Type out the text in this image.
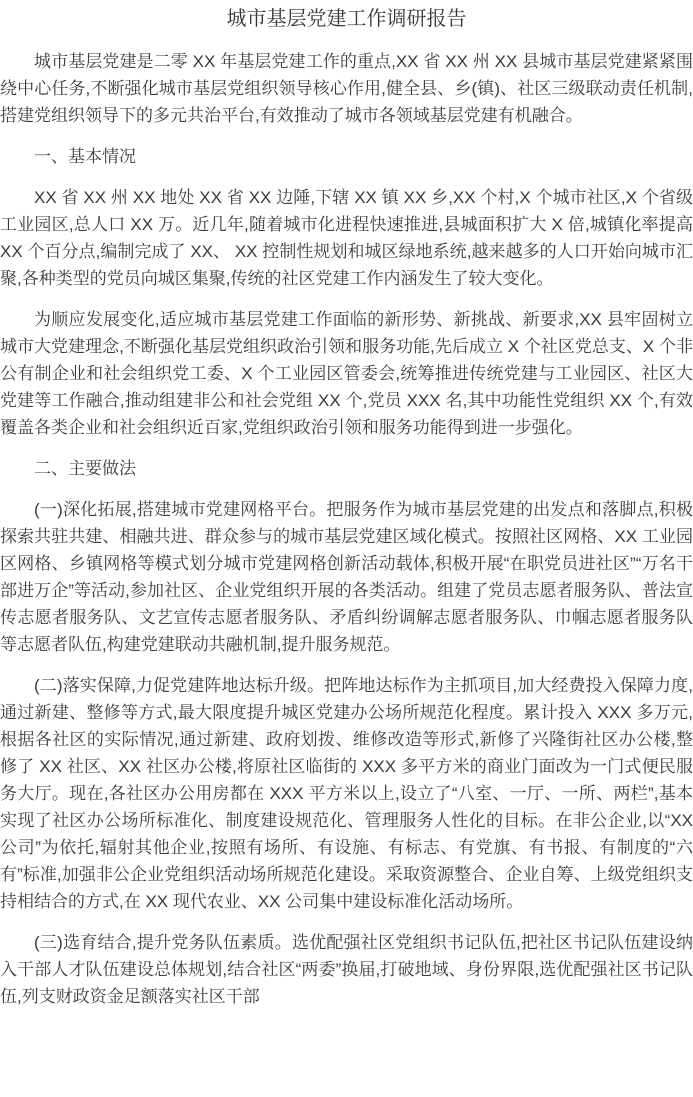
城市基层党建工作调研报告

城市基层党建是二零 XX 年基层党建工作的重点,XX 省 XX 州 XX 县城市基层党建紧紧围绕中心任务,不断强化城市基层党组织领导核心作用,健全县、乡(镇)、社区三级联动责任机制,搭建党组织领导下的多元共治平台,有效推动了城市各领域基层党建有机融合。

一、基本情况

XX 省 XX 州 XX 地处 XX 省 XX 边陲,下辖 XX 镇 XX 乡,XX 个村,X 个城市社区,X 个省级工业园区,总人口 XX 万。近几年,随着城市化进程快速推进,县城面积扩大 X 倍,城镇化率提高 XX 个百分点,编制完成了 XX、 XX 控制性规划和城区绿地系统,越来越多的人口开始向城市汇聚,各种类型的党员向城区集聚,传统的社区党建工作内涵发生了较大变化。

为顺应发展变化,适应城市基层党建工作面临的新形势、新挑战、新要求,XX 县牢固树立城市大党建理念,不断强化基层党组织政治引领和服务功能,先后成立 X 个社区党总支、X 个非公有制企业和社会组织党工委、X 个工业园区管委会,统筹推进传统党建与工业园区、社区大党建等工作融合,推动组建非公和社会党组 XX 个,党员 XXX 名,其中功能性党组织 XX 个,有效覆盖各类企业和社会组织近百家,党组织政治引领和服务功能得到进一步强化。

二、主要做法

(一)深化拓展,搭建城市党建网格平台。把服务作为城市基层党建的出发点和落脚点,积极探索共驻共建、相融共进、群众参与的城市基层党建区域化模式。按照社区网格、XX 工业园区网格、乡镇网格等模式划分城市党建网格创新活动载体,积极开展“在职党员进社区”“万名干部进万企”等活动,参加社区、企业党组织开展的各类活动。组建了党员志愿者服务队、普法宣传志愿者服务队、文艺宣传志愿者服务队、矛盾纠纷调解志愿者服务队、巾帼志愿者服务队等志愿者队伍,构建党建联动共融机制,提升服务规范。

(二)落实保障,力促党建阵地达标升级。把阵地达标作为主抓项目,加大经费投入保障力度,通过新建、整修等方式,最大限度提升城区党建办公场所规范化程度。累计投入 XXX 多万元,根据各社区的实际情况,通过新建、政府划拨、维修改造等形式,新修了兴隆街社区办公楼,整修了 XX 社区、XX 社区办公楼,将原社区临街的 XXX 多平方米的商业门面改为一门式便民服务大厅。现在,各社区办公用房都在 XXX 平方米以上,设立了“八室、一厅、一所、两栏”,基本实现了社区办公场所标准化、制度建设规范化、管理服务人性化的目标。在非公企业,以“XX 公司”为依托,辐射其他企业,按照有场所、有设施、有标志、有党旗、有书报、有制度的“六有”标准,加强非公企业党组织活动场所规范化建设。采取资源整合、企业自筹、上级党组织支持相结合的方式,在 XX 现代农业、XX 公司集中建设标准化活动场所。

(三)选育结合,提升党务队伍素质。选优配强社区党组织书记队伍,把社区书记队伍建设纳入干部人才队伍建设总体规划,结合社区“两委”换届,打破地域、身份界限,选优配强社区书记队伍,列支财政资金足额落实社区干部
